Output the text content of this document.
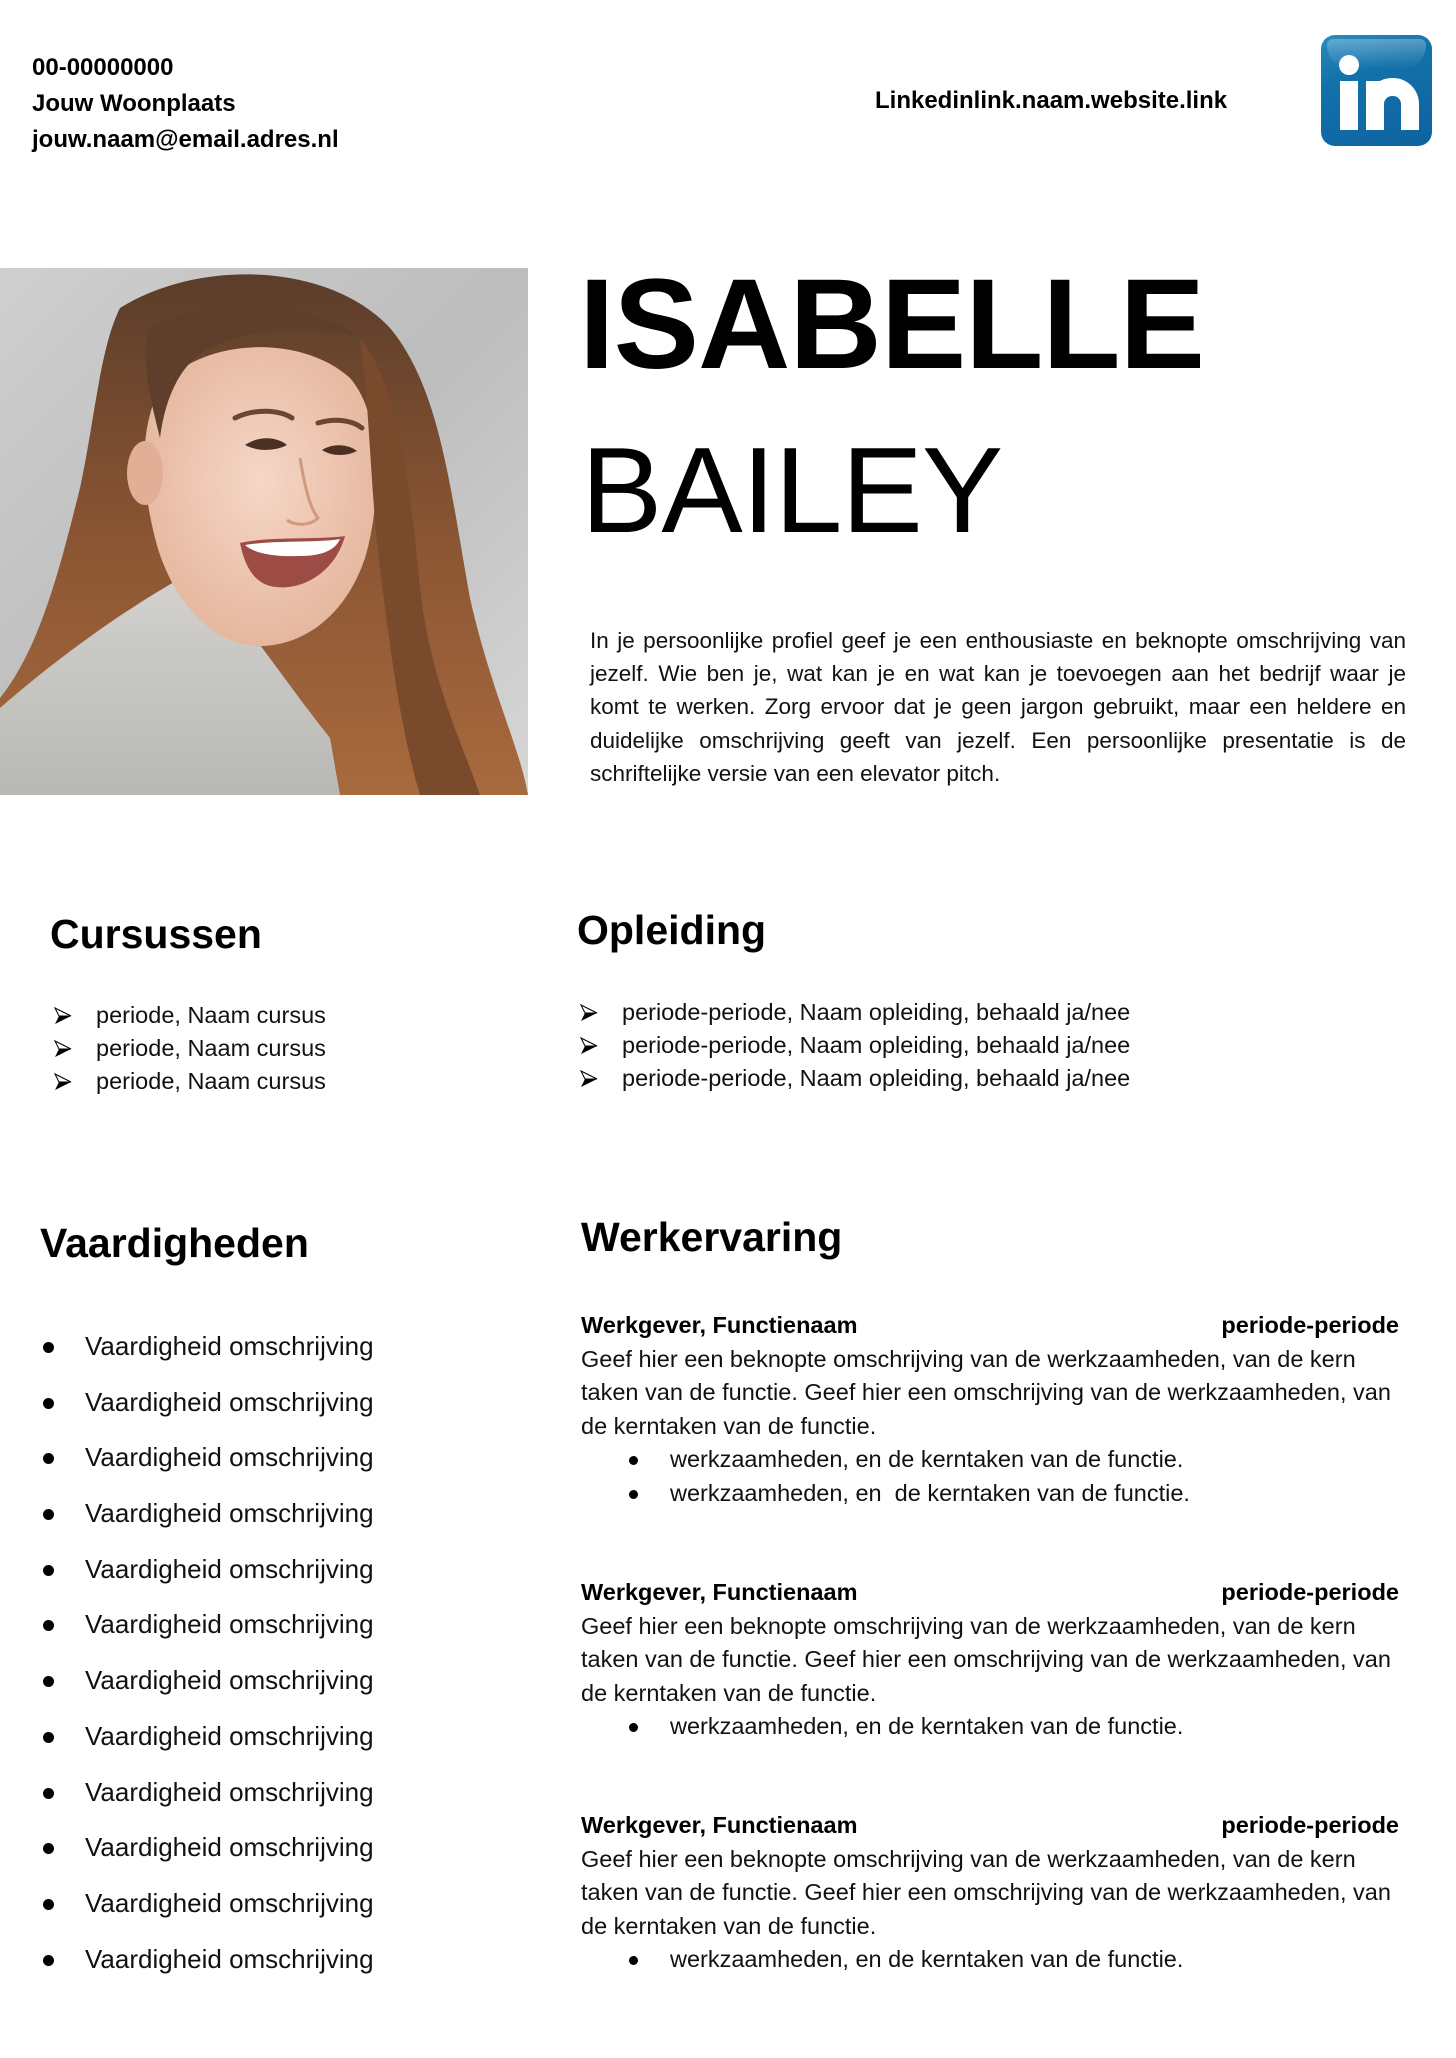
00-00000000
Jouw Woonplaats
jouw.naam@email.adres.nl
Linkedinlink.naam.website.link
ISABELLE
BAILEY

In je persoonlijke profiel geef je een enthousiaste en beknopte omschrijving van jezelf. Wie ben je, wat kan je en wat kan je toevoegen aan het bedrijf waar je komt te werken. Zorg ervoor dat je geen jargon gebruikt, maar een heldere en duidelijke omschrijving geeft van jezelf. Een persoonlijke presentatie is de schriftelijke versie van een elevator pitch.

Cursussen
periode, Naam cursus
periode, Naam cursus
periode, Naam cursus
Opleiding
periode-periode, Naam opleiding, behaald ja/nee
periode-periode, Naam opleiding, behaald ja/nee
periode-periode, Naam opleiding, behaald ja/nee
Vaardigheden
Vaardigheid omschrijving
Vaardigheid omschrijving
Vaardigheid omschrijving
Vaardigheid omschrijving
Vaardigheid omschrijving
Vaardigheid omschrijving
Vaardigheid omschrijving
Vaardigheid omschrijving
Vaardigheid omschrijving
Vaardigheid omschrijving
Vaardigheid omschrijving
Vaardigheid omschrijving
Werkervaring
Werkgever, Functienaam	periode-periode
Geef hier een beknopte omschrijving van de werkzaamheden, van de kern taken van de functie. Geef hier een omschrijving van de werkzaamheden, van de kerntaken van de functie.
werkzaamheden, en de kerntaken van de functie.
werkzaamheden, en  de kerntaken van de functie.
Werkgever, Functienaam	periode-periode
Geef hier een beknopte omschrijving van de werkzaamheden, van de kern taken van de functie. Geef hier een omschrijving van de werkzaamheden, van de kerntaken van de functie.
werkzaamheden, en de kerntaken van de functie.
Werkgever, Functienaam	periode-periode
Geef hier een beknopte omschrijving van de werkzaamheden, van de kern taken van de functie. Geef hier een omschrijving van de werkzaamheden, van de kerntaken van de functie.
werkzaamheden, en de kerntaken van de functie.
